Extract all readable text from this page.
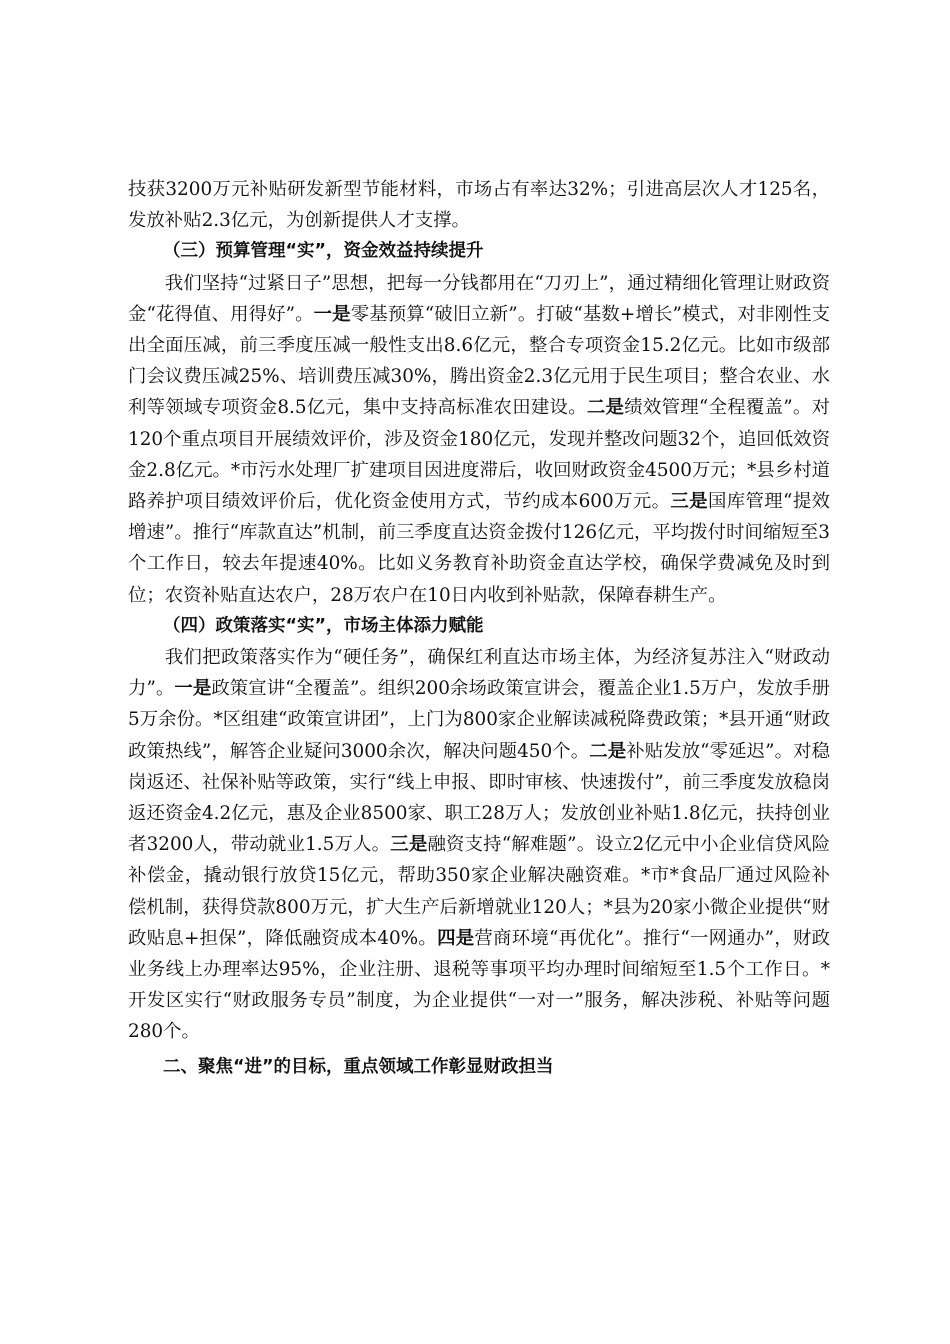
技获3200万元补贴研发新型节能材料，市场占有率达32%；引进高层次人才125名，发放补贴2.3亿元，为创新提供人才支撑。

（三）预算管理“实”，资金效益持续提升

我们坚持“过紧日子”思想，把每一分钱都用在“刀刃上”，通过精细化管理让财政资金“花得值、用得好”。一是零基预算“破旧立新”。打破“基数+增长”模式，对非刚性支出全面压减，前三季度压减一般性支出8.6亿元，整合专项资金15.2亿元。比如市级部门会议费压减25%、培训费压减30%，腾出资金2.3亿元用于民生项目；整合农业、水利等领域专项资金8.5亿元，集中支持高标准农田建设。二是绩效管理“全程覆盖”。对120个重点项目开展绩效评价，涉及资金180亿元，发现并整改问题32个，追回低效资金2.8亿元。*市污水处理厂扩建项目因进度滞后，收回财政资金4500万元；*县乡村道路养护项目绩效评价后，优化资金使用方式，节约成本600万元。三是国库管理“提效增速”。推行“库款直达”机制，前三季度直达资金拨付126亿元，平均拨付时间缩短至3个工作日，较去年提速40%。比如义务教育补助资金直达学校，确保学费减免及时到位；农资补贴直达农户，28万农户在10日内收到补贴款，保障春耕生产。

（四）政策落实“实”，市场主体添力赋能

我们把政策落实作为“硬任务”，确保红利直达市场主体，为经济复苏注入“财政动力”。一是政策宣讲“全覆盖”。组织200余场政策宣讲会，覆盖企业1.5万户，发放手册5万余份。*区组建“政策宣讲团”，上门为800家企业解读减税降费政策；*县开通“财政政策热线”，解答企业疑问3000余次，解决问题450个。二是补贴发放“零延迟”。对稳岗返还、社保补贴等政策，实行“线上申报、即时审核、快速拨付”，前三季度发放稳岗返还资金4.2亿元，惠及企业8500家、职工28万人；发放创业补贴1.8亿元，扶持创业者3200人，带动就业1.5万人。三是融资支持“解难题”。设立2亿元中小企业信贷风险补偿金，撬动银行放贷15亿元，帮助350家企业解决融资难。*市*食品厂通过风险补偿机制，获得贷款800万元，扩大生产后新增就业120人；*县为20家小微企业提供“财政贴息+担保”，降低融资成本40%。四是营商环境“再优化”。推行“一网通办”，财政业务线上办理率达95%，企业注册、退税等事项平均办理时间缩短至1.5个工作日。*开发区实行“财政服务专员”制度，为企业提供“一对一”服务，解决涉税、补贴等问题280个。

二、聚焦“进”的目标，重点领域工作彰显财政担当
